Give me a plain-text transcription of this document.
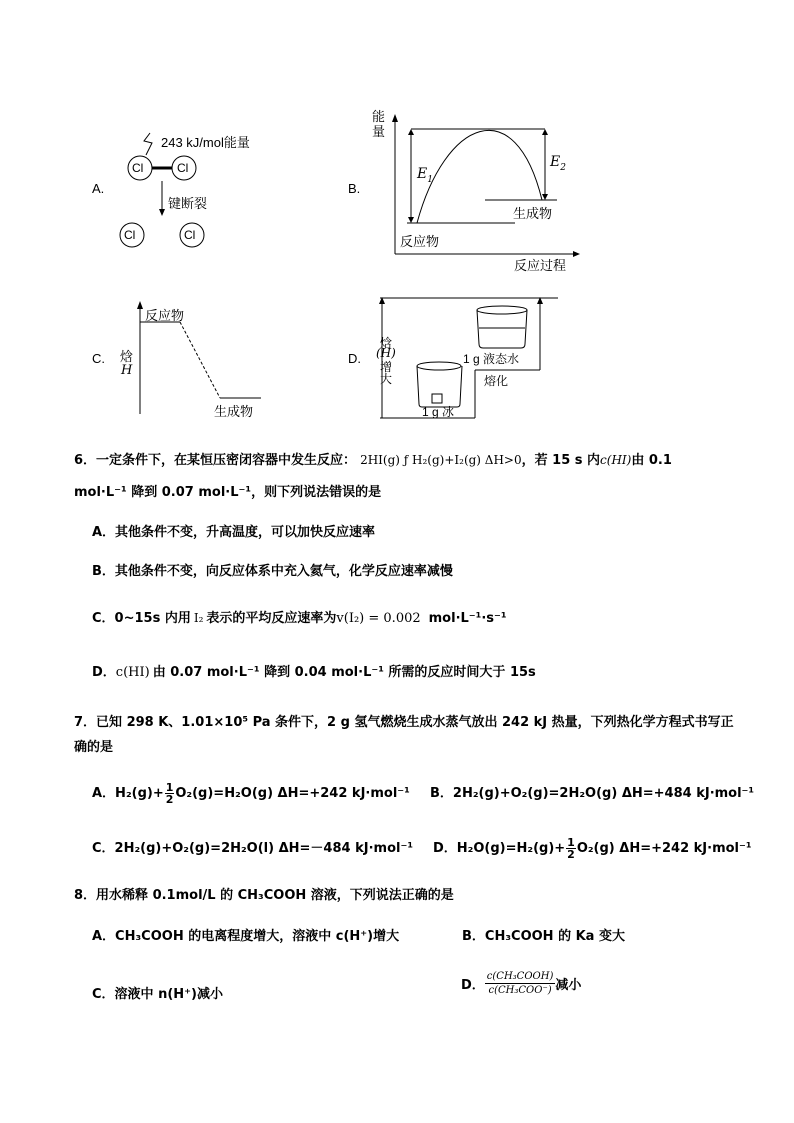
A.
243 kJ/mol能量
Cl	Cl
键断裂
Cl	Cl
B.
能
量
$E_1$
$E_2$
生成物
反应物
反应过程
C.
反应物
焓
H
生成物
D.
焓
(H)
增
大
1 g 液态水
熔化
1 g 冰
6．一定条件下，在某恒压密闭容器中发生反应： 2HI(g) ƒ H₂(g)+I₂(g) ΔH>0，若 15 s 内c(HI)由 0.1
mol·L⁻¹ 降到 0.07 mol·L⁻¹，则下列说法错误的是
A．其他条件不变，升高温度，可以加快反应速率
B．其他条件不变，向反应体系中充入氦气，化学反应速率减慢
C．0~15s 内用 I₂ 表示的平均反应速率为v(I₂) = 0.002 mol·L⁻¹·s⁻¹
D．c(HI) 由 0.07 mol·L⁻¹ 降到 0.04 mol·L⁻¹ 所需的反应时间大于 15s
7．已知 298 K、1.01×10⁵ Pa 条件下，2 g 氢气燃烧生成水蒸气放出 242 kJ 热量，下列热化学方程式书写正
确的是
A．$H_2(g)+ \frac{1}{2} O_2(g)=H_2O(g)$ ΔH=+242 kJ·mol⁻¹ B．2H₂(g)+O₂(g)=2H₂O(g) ΔH=+484 kJ·mol⁻¹
C．2H₂(g)+O₂(g)=2H₂O(l) ΔH=－484 kJ·mol⁻¹ D．$H_2O(g)=H_2(g)+ \frac{1}{2} O_2(g)$ ΔH=+242 kJ·mol⁻¹
8．用水稀释 0.1mol/L 的 CH₃COOH 溶液，下列说法正确的是
A．CH₃COOH 的电离程度增大，溶液中 c(H⁺)增大	B．CH₃COOH 的 Ka 变大
C．溶液中 n(H⁺)减小
D．
c(CH₃COOH)
c(CH₃COO⁻) 减小
